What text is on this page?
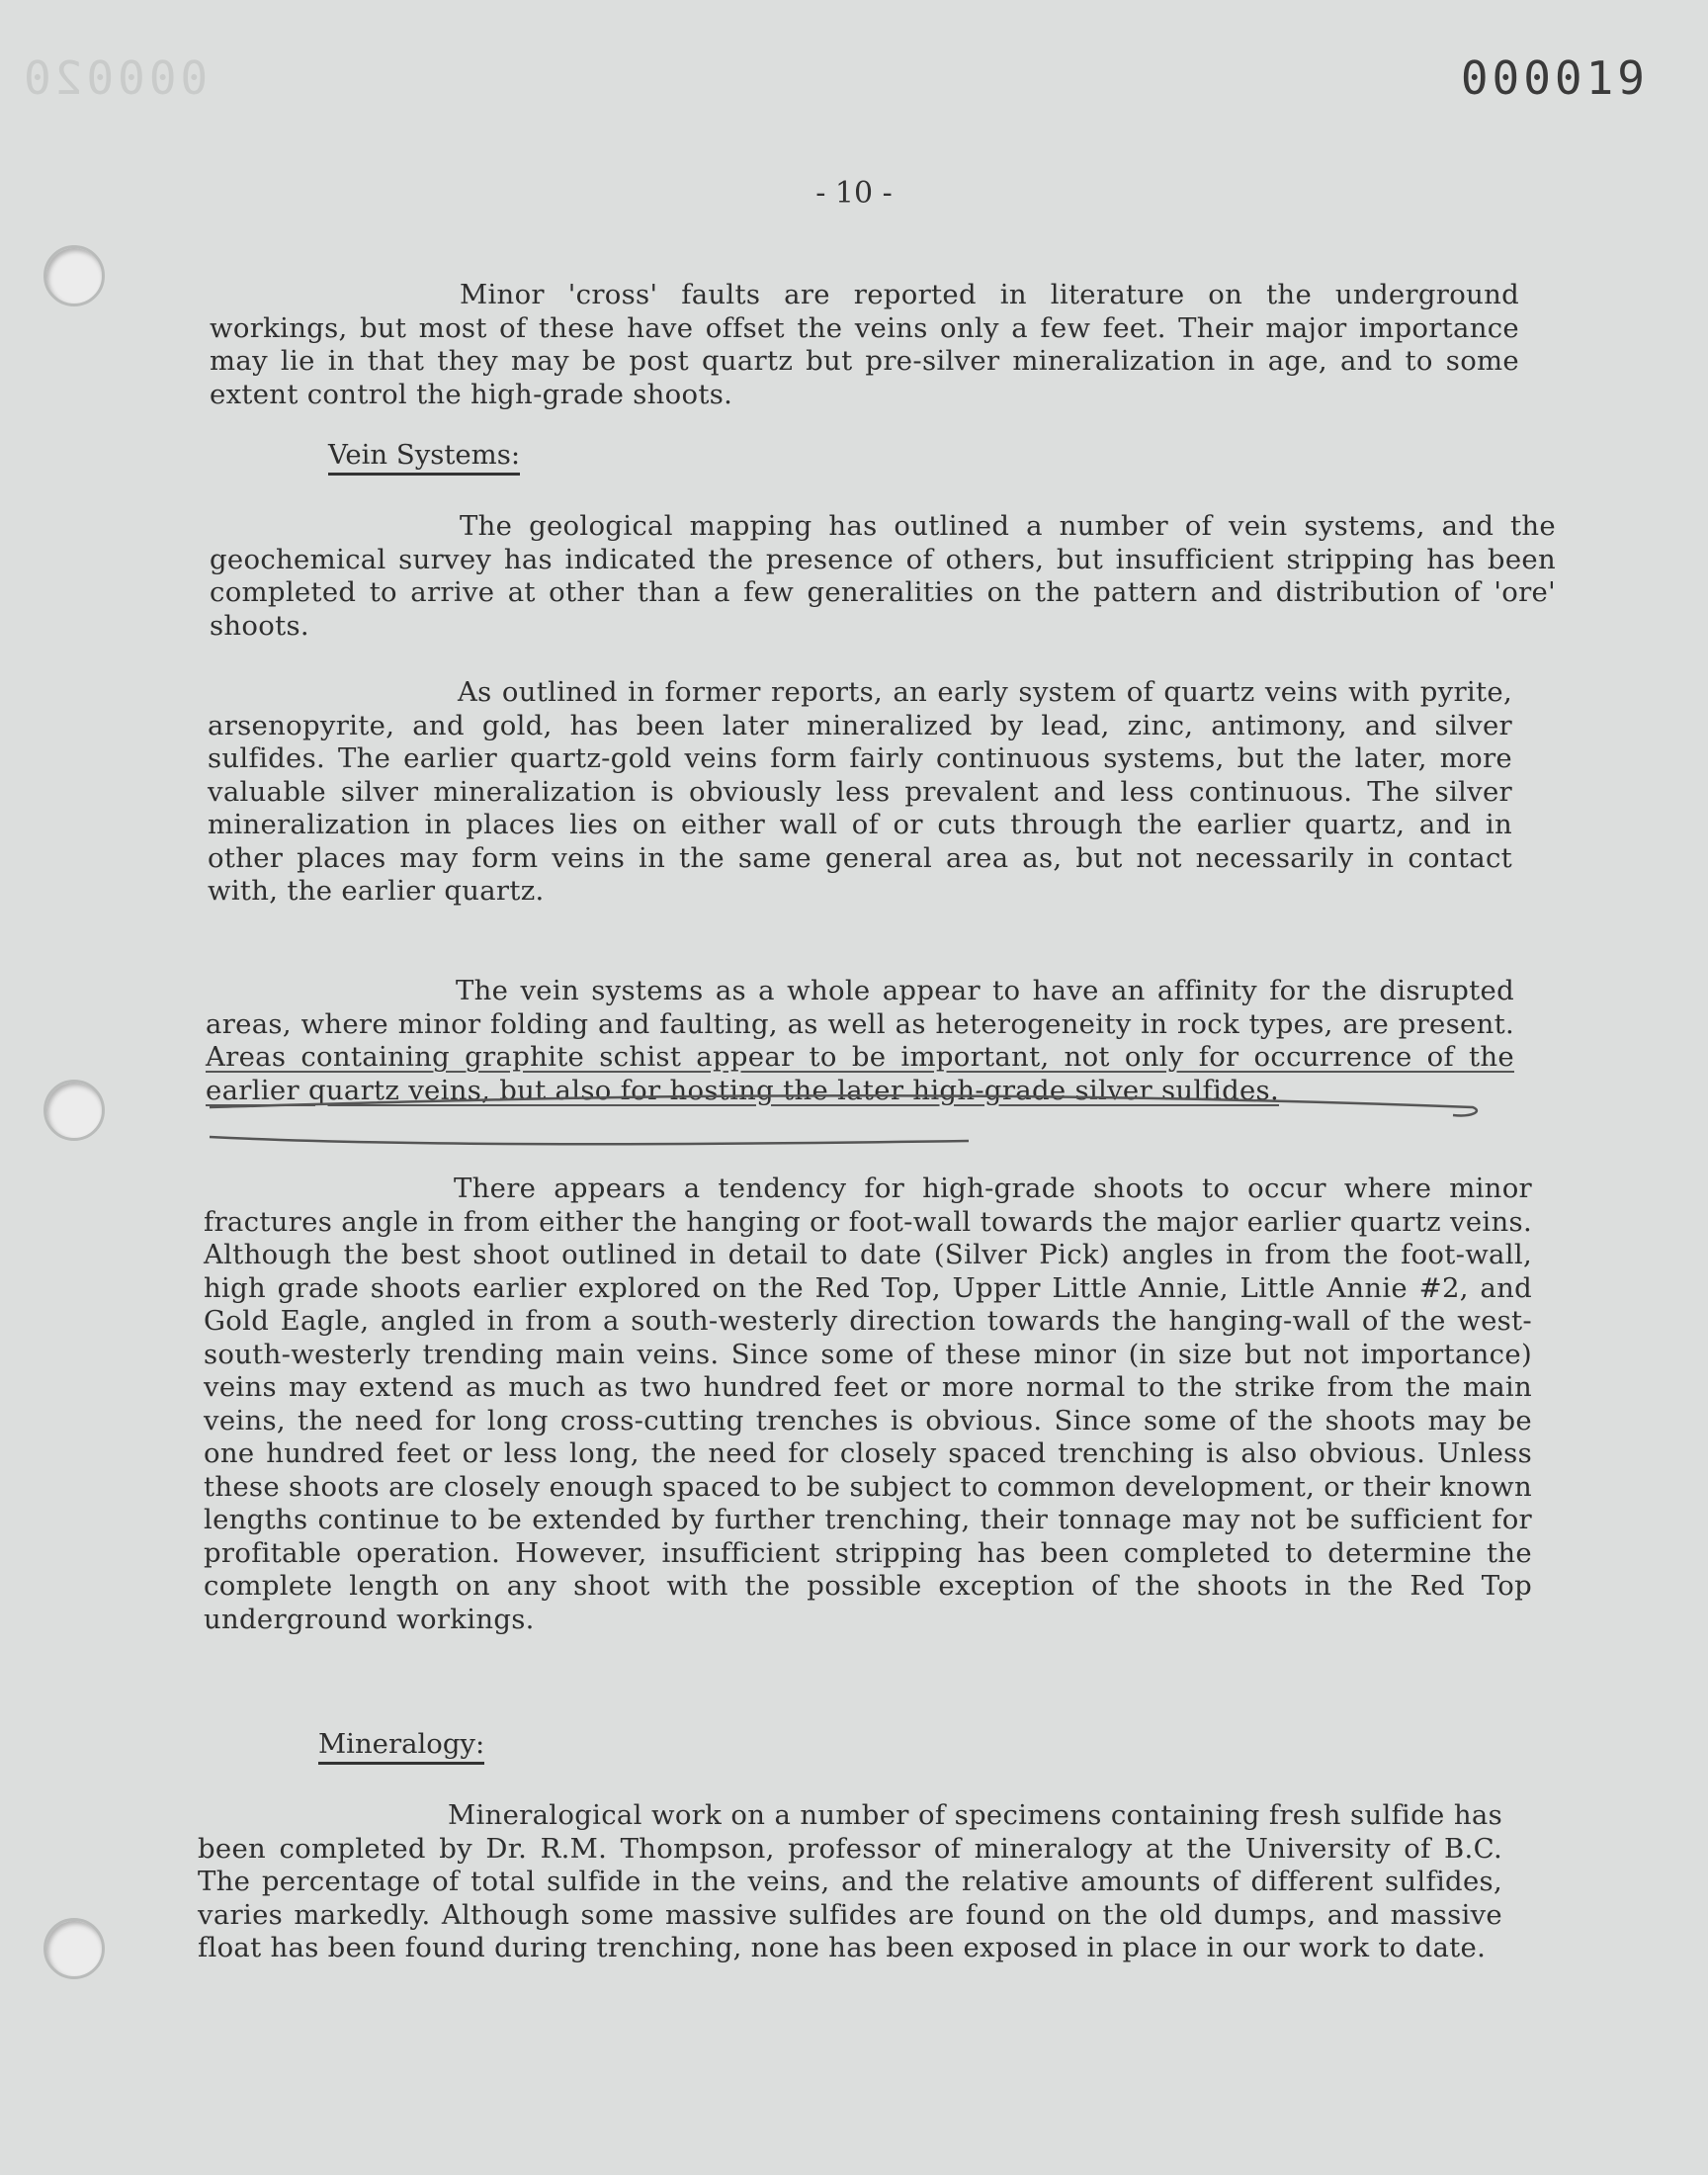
000020	000019
- 10 -

Minor 'cross' faults are reported in literature on the underground workings, but most of these have offset the veins only a few feet. Their major importance may lie in that they may be post quartz but pre-silver mineralization in age, and to some extent control the high-grade shoots.

Vein Systems:

The geological mapping has outlined a number of vein systems, and the geochemical survey has indicated the presence of others, but insufficient stripping has been completed to arrive at other than a few generalities on the pattern and distribution of 'ore' shoots.

As outlined in former reports, an early system of quartz veins with pyrite, arsenopyrite, and gold, has been later mineralized by lead, zinc, antimony, and silver sulfides. The earlier quartz-gold veins form fairly continuous systems, but the later, more valuable silver mineralization is obviously less prevalent and less continuous. The silver mineralization in places lies on either wall of or cuts through the earlier quartz, and in other places may form veins in the same general area as, but not necessarily in contact with, the earlier quartz.

The vein systems as a whole appear to have an affinity for the disrupted areas, where minor folding and faulting, as well as heterogeneity in rock types, are present. Areas containing graphite schist appear to be important, not only for occurrence of the earlier quartz veins, but also for hosting the later high-grade silver sulfides.

There appears a tendency for high-grade shoots to occur where minor fractures angle in from either the hanging or foot-wall towards the major earlier quartz veins. Although the best shoot outlined in detail to date (Silver Pick) angles in from the foot-wall, high grade shoots earlier explored on the Red Top, Upper Little Annie, Little Annie #2, and Gold Eagle, angled in from a south-westerly direction towards the hanging-wall of the west-south-westerly trending main veins. Since some of these minor (in size but not importance) veins may extend as much as two hundred feet or more normal to the strike from the main veins, the need for long cross-cutting trenches is obvious. Since some of the shoots may be one hundred feet or less long, the need for closely spaced trenching is also obvious. Unless these shoots are closely enough spaced to be subject to common development, or their known lengths continue to be extended by further trenching, their tonnage may not be sufficient for profitable operation. However, insufficient stripping has been completed to determine the complete length on any shoot with the possible exception of the shoots in the Red Top underground workings.

Mineralogy:

Mineralogical work on a number of specimens containing fresh sulfide has been completed by Dr. R.M. Thompson, professor of mineralogy at the University of B.C. The percentage of total sulfide in the veins, and the relative amounts of different sulfides, varies markedly. Although some massive sulfides are found on the old dumps, and massive float has been found during trenching, none has been exposed in place in our work to date.
